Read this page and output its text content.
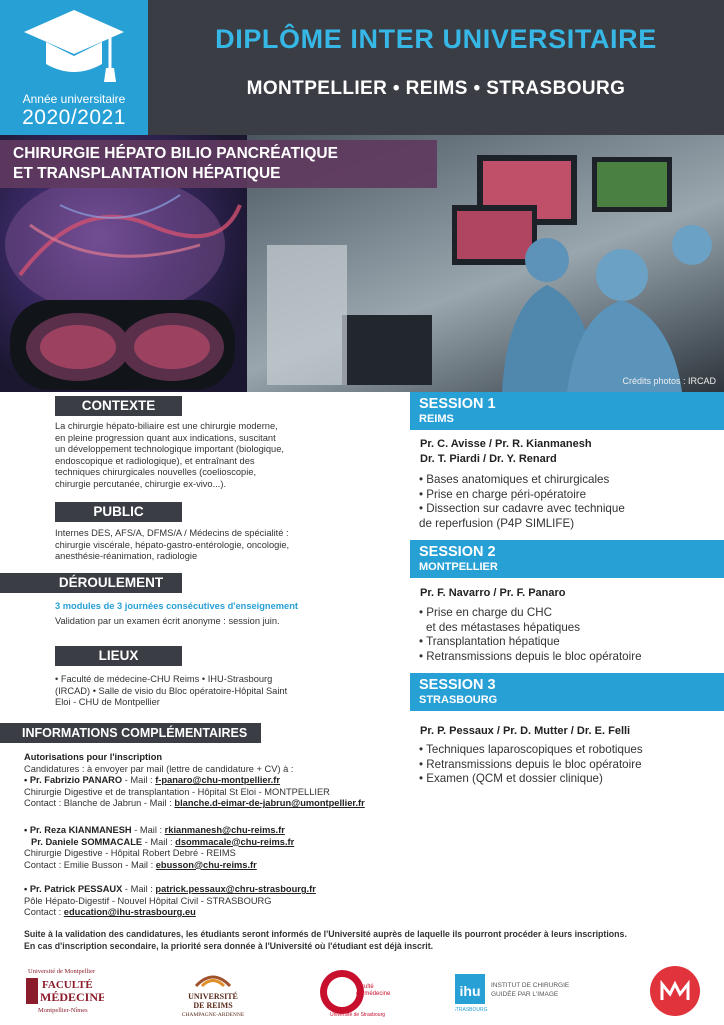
Année universitaire
2020/2021
DIPLÔME INTER UNIVERSITAIRE
MONTPELLIER • REIMS • STRASBOURG
CHIRURGIE HÉPATO BILIO PANCRÉATIQUE
ET TRANSPLANTATION HÉPATIQUE
Crédits photos : IRCAD
CONTEXTE
La chirurgie hépato-biliaire est une chirurgie moderne,
en pleine progression quant aux indications, suscitant
un développement technologique important (biologique,
endoscopique et radiologique), et entraînant des
techniques chirurgicales nouvelles (coelioscopie,
chirurgie percutanée, chirurgie ex-vivo...).
PUBLIC
Internes DES, AFS/A, DFMS/A / Médecins de spécialité :
chirurgie viscérale, hépato-gastro-entérologie, oncologie,
anesthésie-réanimation, radiologie
DÉROULEMENT
3 modules de 3 journées consécutives d'enseignement
Validation par un examen écrit anonyme : session juin.
LIEUX
• Faculté de médecine-CHU Reims • IHU-Strasbourg
(IRCAD) • Salle de visio du Bloc opératoire-Hôpital Saint
Eloi - CHU de Montpellier
SESSION 1
REIMS
Pr. C. Avisse / Pr. R. Kianmanesh
Dr. T. Piardi / Dr. Y. Renard
• Bases anatomiques et chirurgicales
• Prise en charge péri-opératoire
• Dissection sur cadavre avec technique
de reperfusion (P4P SIMLIFE)
SESSION 2
MONTPELLIER
Pr. F. Navarro / Pr. F. Panaro
• Prise en charge du CHC
et des métastases hépatiques
• Transplantation hépatique
• Retransmissions depuis le bloc opératoire
SESSION 3
STRASBOURG
Pr. P. Pessaux / Pr. D. Mutter / Dr. E. Felli
• Techniques laparoscopiques et robotiques
• Retransmissions depuis le bloc opératoire
• Examen (QCM et dossier clinique)
INFORMATIONS COMPLÉMENTAIRES
Autorisations pour l'inscription
Candidatures : à envoyer par mail (lettre de candidature + CV) à :
• Pr. Fabrizio PANARO - Mail : f-panaro@chu-montpellier.fr
Chirurgie Digestive et de transplantation - Hôpital St Eloi - MONTPELLIER
Contact : Blanche de Jabrun - Mail : blanche.d-eimar-de-jabrun@umontpellier.fr
• Pr. Reza KIANMANESH - Mail : rkianmanesh@chu-reims.fr
Pr. Daniele SOMMACALE - Mail : dsommacale@chu-reims.fr
Chirurgie Digestive - Hôpital Robert Debré - REIMS
Contact : Emilie Busson - Mail : ebusson@chu-reims.fr
• Pr. Patrick PESSAUX - Mail : patrick.pessaux@chru-strasbourg.fr
Pôle Hépato-Digestif - Nouvel Hôpital Civil - STRASBOURG
Contact : education@ihu-strasbourg.eu
Suite à la validation des candidatures, les étudiants seront informés de l'Université auprès de laquelle ils pourront procéder à leurs inscriptions.
En cas d'inscription secondaire, la priorité sera donnée à l'Université où l'étudiant est déjà inscrit.
Université de Montpellier
FACULTÉ
MÉDECINE
Montpellier-Nîmes
UNIVERSITÉ
DE REIMS
CHAMPAGNE-ARDENNE
faculté
de médecine
Université de Strasbourg
ihu
STRASBOURG
INSTITUT DE CHIRURGIE
GUIDÉE PAR L'IMAGE
